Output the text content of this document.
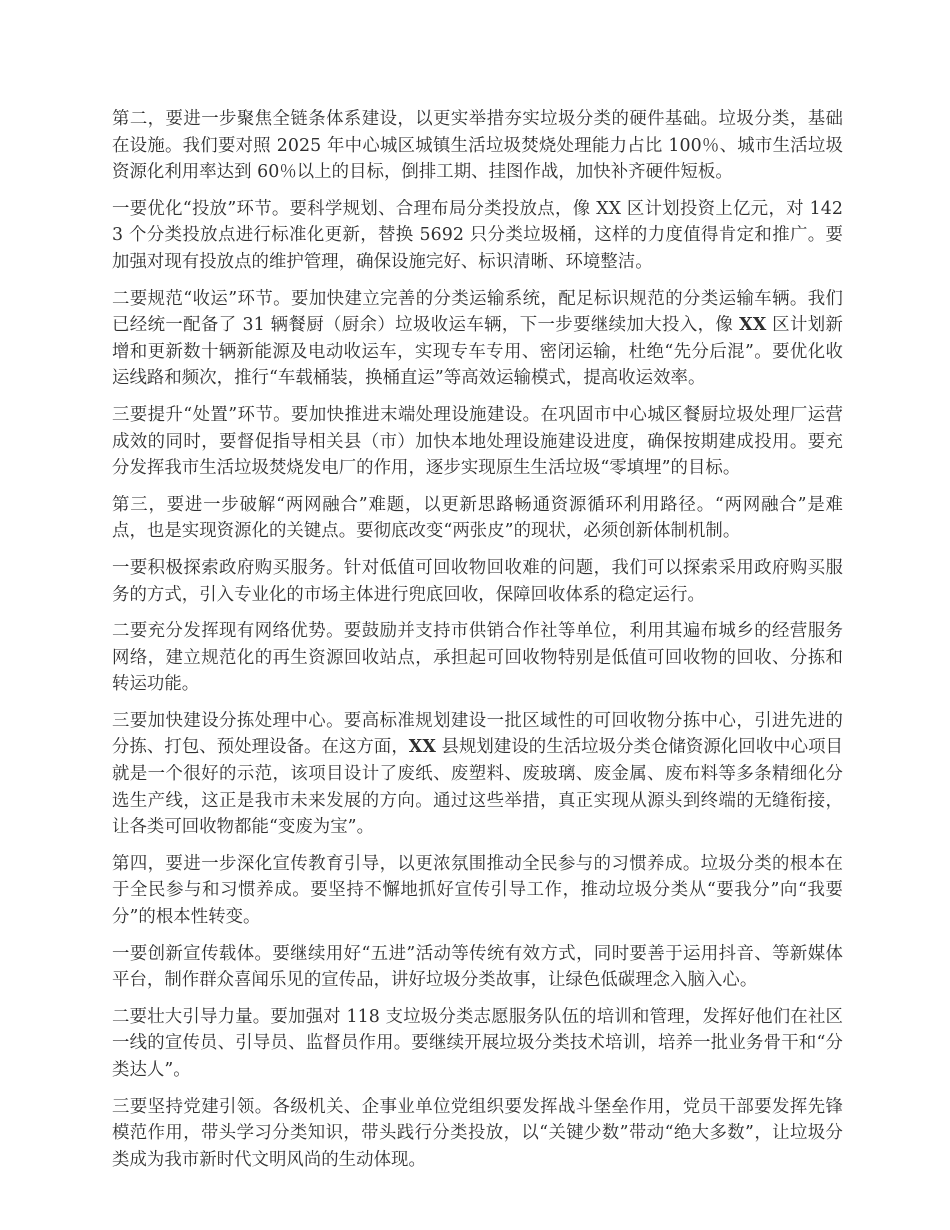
第二，要进一步聚焦全链条体系建设，以更实举措夯实垃圾分类的硬件基础。垃圾分类，基础在设施。我们要对照 2025 年中心城区城镇生活垃圾焚烧处理能力占比 100％、城市生活垃圾资源化利用率达到 60％以上的目标，倒排工期、挂图作战，加快补齐硬件短板。

一要优化“投放”环节。要科学规划、合理布局分类投放点，像 XX 区计划投资上亿元，对 1423 个分类投放点进行标准化更新，替换 5692 只分类垃圾桶，这样的力度值得肯定和推广。要加强对现有投放点的维护管理，确保设施完好、标识清晰、环境整洁。

二要规范“收运”环节。要加快建立完善的分类运输系统，配足标识规范的分类运输车辆。我们已经统一配备了 31 辆餐厨（厨余）垃圾收运车辆，下一步要继续加大投入，像 XX 区计划新增和更新数十辆新能源及电动收运车，实现专车专用、密闭运输，杜绝“先分后混”。要优化收运线路和频次，推行“车载桶装，换桶直运”等高效运输模式，提高收运效率。

三要提升“处置”环节。要加快推进末端处理设施建设。在巩固市中心城区餐厨垃圾处理厂运营成效的同时，要督促指导相关县（市）加快本地处理设施建设进度，确保按期建成投用。要充分发挥我市生活垃圾焚烧发电厂的作用，逐步实现原生生活垃圾“零填埋”的目标。

第三，要进一步破解“两网融合”难题，以更新思路畅通资源循环利用路径。“两网融合”是难点，也是实现资源化的关键点。要彻底改变“两张皮”的现状，必须创新体制机制。

一要积极探索政府购买服务。针对低值可回收物回收难的问题，我们可以探索采用政府购买服务的方式，引入专业化的市场主体进行兜底回收，保障回收体系的稳定运行。

二要充分发挥现有网络优势。要鼓励并支持市供销合作社等单位，利用其遍布城乡的经营服务网络，建立规范化的再生资源回收站点，承担起可回收物特别是低值可回收物的回收、分拣和转运功能。

三要加快建设分拣处理中心。要高标准规划建设一批区域性的可回收物分拣中心，引进先进的分拣、打包、预处理设备。在这方面，XX 县规划建设的生活垃圾分类仓储资源化回收中心项目就是一个很好的示范，该项目设计了废纸、废塑料、废玻璃、废金属、废布料等多条精细化分选生产线，这正是我市未来发展的方向。通过这些举措，真正实现从源头到终端的无缝衔接，让各类可回收物都能“变废为宝”。

第四，要进一步深化宣传教育引导，以更浓氛围推动全民参与的习惯养成。垃圾分类的根本在于全民参与和习惯养成。要坚持不懈地抓好宣传引导工作，推动垃圾分类从“要我分”向“我要分”的根本性转变。

一要创新宣传载体。要继续用好“五进”活动等传统有效方式，同时要善于运用抖音、等新媒体平台，制作群众喜闻乐见的宣传品，讲好垃圾分类故事，让绿色低碳理念入脑入心。

二要壮大引导力量。要加强对 118 支垃圾分类志愿服务队伍的培训和管理，发挥好他们在社区一线的宣传员、引导员、监督员作用。要继续开展垃圾分类技术培训，培养一批业务骨干和“分类达人”。

三要坚持党建引领。各级机关、企事业单位党组织要发挥战斗堡垒作用，党员干部要发挥先锋模范作用，带头学习分类知识，带头践行分类投放，以“关键少数”带动“绝大多数”，让垃圾分类成为我市新时代文明风尚的生动体现。
